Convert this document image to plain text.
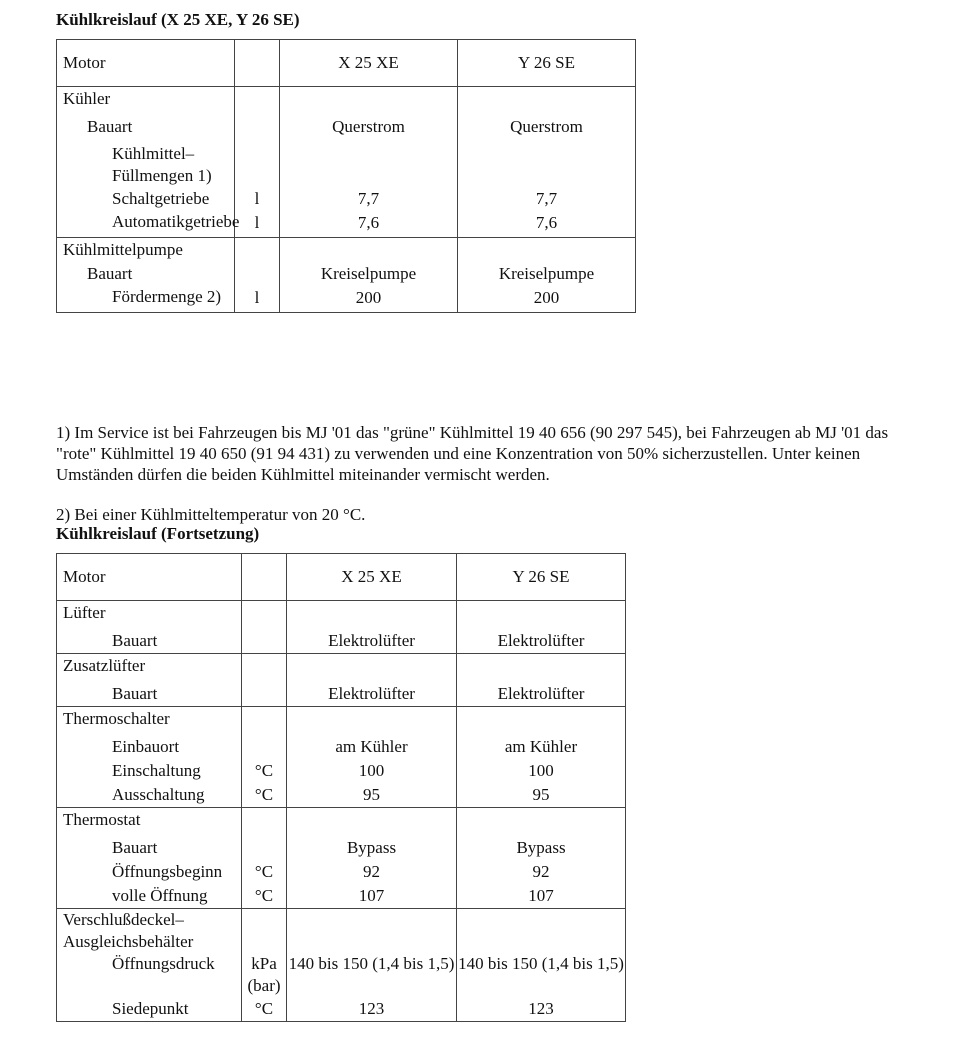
Kühlkreislauf (X 25 XE, Y 26 SE)
Motor		X 25 XE	Y 26 SE
Kühler			
Bauart		Querstrom	Querstrom
Kühlmittel–Füllmengen 1)			
Schaltgetriebe	l	7,7	7,7
Automatikgetriebe	l	7,6	7,6
Kühlmittelpumpe			
Bauart		Kreiselpumpe	Kreiselpumpe
Fördermenge 2)	l	200	200

1) Im Service ist bei Fahrzeugen bis MJ '01 das "grüne" Kühlmittel 19 40 656 (90 297 545), bei Fahrzeugen ab MJ '01 das "rote" Kühlmittel 19 40 650 (91 94 431) zu verwenden und eine Konzentration von 50% sicherzustellen. Unter keinen Umständen dürfen die beiden Kühlmittel miteinander vermischt werden.

2) Bei einer Kühlmitteltemperatur von 20 °C.

Kühlkreislauf (Fortsetzung)
Motor		X 25 XE	Y 26 SE
Lüfter			
Bauart		Elektrolüfter	Elektrolüfter
Zusatzlüfter			
Bauart		Elektrolüfter	Elektrolüfter
Thermoschalter			
Einbauort		am Kühler	am Kühler
Einschaltung	°C	100	100
Ausschaltung	°C	95	95
Thermostat			
Bauart		Bypass	Bypass
Öffnungsbeginn	°C	92	92
volle Öffnung	°C	107	107
Verschlußdeckel–Ausgleichsbehälter			
Öffnungsdruck	kPa (bar)	140 bis 150 (1,4 bis 1,5)	140 bis 150 (1,4 bis 1,5)
Siedepunkt	°C	123	123
